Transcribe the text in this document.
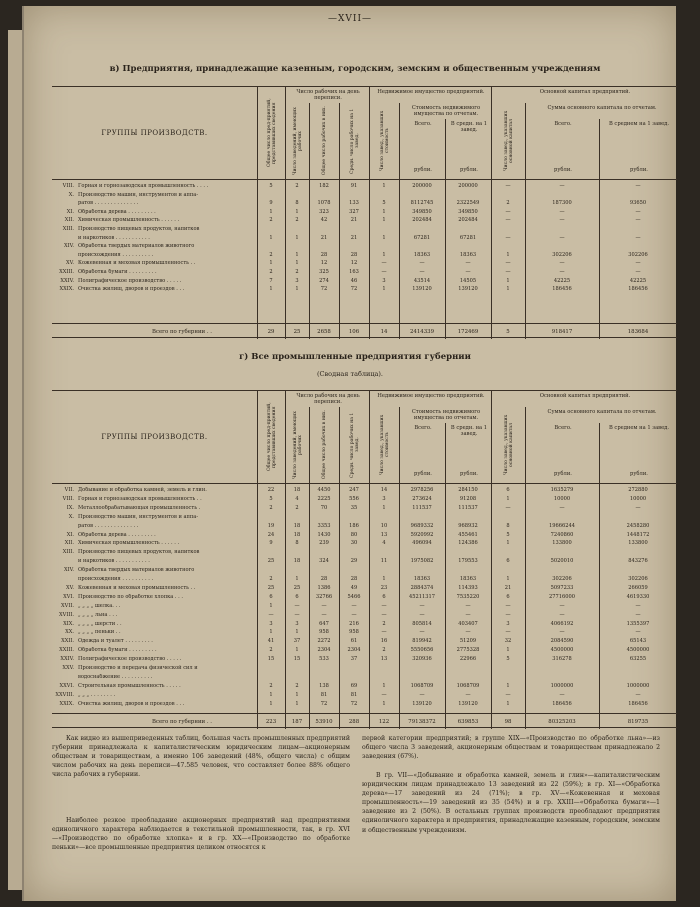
—XVII—
в) Предприятия, принадлежащие казенным, городским, земским и общественным учреждениям
ГРУППЫ ПРОИЗВОДСТВ.	Общее число пред-приятий, представивших сведения
Число рабочих на день переписи.
Число заведений, имеющих рабочих	Общее число рабочих в них.	Средн. число рабочих на 1 завед.
Недвижимое имущество предприятий.
Число завед., указавших стоимость
Стоимость недвижимого имущества по отчетам.
Всего.	В средн. на 1 завед.
рубли.	рубли.
Основной капитал предприятий.
Число завед., указавших основной капитал
Сумма основного капитала по отчетам.
Всего.	В среднем на 1 завед.
рубли.	рубли.
VIII. Горная и горнозаводская промышленность . . . .	5	2	182	91	1	200000	200000	—	—	—
X. Производство машин, инструментов и аппа-
ратов . . . . . . . . . . . . . .	9	8	1078	133	5	8112745	2322549	2	187300	93650
XI. Обработка дерева . . . . . . . . .	1	1	323	327	1	349850	349850	—	—	—
XII. Химическая промышленность . . . . . .	2	2	42	21	1	202484	202484	—	—	—
XIII. Производство пищевых продуктов, напитков
и наркотиков . . . . . . . . . . .	1	1	21	21	1	67281	67281	—	—	—
XIV. Обработка твердых материалов животного
происхождения . . . . . . . . . .	2	1	28	28	1	18363	18363	1	302206	302206
XV. Кожевенная и меховая промышленность . .	1	1	12	12	—	—	—	—	—	—
XXIII. Обработка бумаги . . . . . . . . .	2	2	325	163	—	—	—	—	—	—
XXIV. Полиграфическое производство . . . . .	7	3	274	46	3	43514	14505	1	42225	42225
XXIX. Очистка жилищ, дворов и проездов . . .	1	1	72	72	1	139120	139120	1	186456	186456
Всего по губернии . .	29	25	2658	106	14	2414339	172469	5	918417	183684
г) Все промышленные предприятия губернии
(Сводная таблица).
ГРУППЫ ПРОИЗВОДСТВ.	Общее число пред-приятий, представивших сведения
Число рабочих на день переписи.
Число заведений, имеющих рабочих	Общее число рабочих в них.	Средн. число рабочих на 1 завед.
Недвижимое имущество предприятий.
Число завед., указавших стоимость
Стоимость недвижимого имущества по отчетам.
Всего.	В средн. на 1 завед.
рубли.	рубли.
Основной капитал предприятий.
Число завед., указавших основной капитал
Сумма основного капитала по отчетам.
Всего.	В среднем на 1 завед.
рубли.	рубли.
VII. Добывание и обработка камней, земель и глин.	22	18	4450	247	14	2978256	284150	6	1635279	272880
VIII. Горная и горнозаводская промышленность . .	5	4	2225	556	3	273624	91208	1	10000	10000
IX. Металлообрабатывающая промышленность .	2	2	70	35	1	111537	111537	—	—	—
X. Производство машин, инструментов и аппа-
ратов . . . . . . . . . . . . . .	19	18	3353	186	10	9689332	968932	8	19666244	2458280
XI. Обработка дерева . . . . . . . . .	24	18	1430	80	13	5920992	455461	5	7240860	1448172
XII. Химическая промышленность . . . . . .	9	8	239	30	4	496094	124386	1	133800	133800
XIII. Производство пищевых продуктов, напитков
и наркотиков . . . . . . . . . . .	25	18	324	29	11	1975082	179553	6	5020010	843276
XIV. Обработка твердых материалов животного
происхождения . . . . . . . . . .	2	1	28	28	1	18363	18363	1	302206	302206
XV. Кожевенная и меховая промышленность . .	25	25	1386	49	23	2884374	114393	21	5097233	266059
XVI. Производство по обработке хлопка . . .	6	6	32766	5466	6	45211317	7535220	6	27716000	4619330
XVII. „ „ „ „ шелка. . .	1	—	—	—	—	—	—	—	—	—
XVIII. „ „ „ „ льна . . .	—	—	—	—	—	—	—	—	—	—
XIX. „ „ „ „ шерсти . .	3	3	647	216	2	805814	403407	3	4066192	1355397
XX. „ „ „ „ пеньки . .	1	1	958	958	—	—	—	—	—	—
XXII. Одежда и туалет . . . . . . . . .	41	37	2272	61	16	819942	51209	32	2084590	65143
XXIII. Обработка бумаги . . . . . . . . .	2	1	2304	2304	2	5550656	2775328	1	4500000	4500000
XXIV. Полиграфическое производство . . . . .	15	15	533	37	13	320936	22966	5	316278	63255
XXV. Производство и передача физической сил и
водоснабжение . . . . . . . . . .
XXVI. Строительная промышленность . . . . .	2	2	138	69	1	1068709	1068709	1	1000000	1000000
XXVIII. „ „ „ . . . . . . . .	1	1	81	81	—	—	—	—	—	—
XXIX. Очистка жилищ, дворов и проездов . . .	1	1	72	72	1	139120	139120	1	186456	186456
Всего по губернии . .	223	187	53910	288	122	79138372	639853	98	80325203	819735
Как видно из вышеприведенных таблиц, большая часть промышленных предприятий губернии принадлежала к капиталистическим юридическим лицам—акционерным обществам и товариществам, а именно 106 заведений (48%, общего числа) с общим числом рабочих на день переписи—47.585 человек, что составляет более 88% общего числа рабочих в губернии.
Наиболее резкое преобладание акционерных предприятий над предприятиями единоличного характера наблюдается в текстильной промышленности, так, в гр. XVI—«Производство по обработке хлопка» и в гр. XX—«Производство по обработке пеньки»—все промышленные предприятия целиком относятся к
первой категории предприятий; в группе XIX—«Производство по обработке льна»—из общего числа 3 заведений, акционерным обществам и товариществам принадлежало 2 заведения (67%).
В гр. VII—«Добывание и обработка камней, земель и глин»—капиталистическим юридическим лицам принадлежало 13 заведений из 22 (59%); в гр. XI—«Обработка дерева»—17 заведений из 24 (71%); в гр. XV—«Кожевенная и меховая промышленность»—19 заведений из 35 (54%) и в гр. XXIII—«Обработка бумаги»—1 заведение из 2 (50%). В остальных группах производств преобладают предприятия единоличного характера и предприятия, принадлежащие казенным, городским, земским и общественным учреждениям.
